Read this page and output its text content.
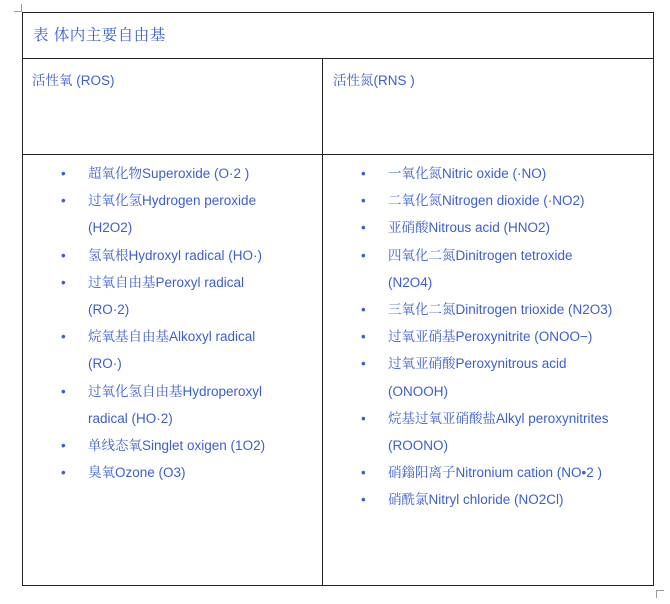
表 体内主要自由基
活性氧 (ROS)	活性氮(RNS )
• 超氧化物Superoxide (O·2 )
• 过氧化氢Hydrogen peroxide
(H2O2)
• 氢氧根Hydroxyl radical (HO·)
• 过氧自由基Peroxyl radical
(RO·2)
• 烷氧基自由基Alkoxyl radical
(RO·)
• 过氧化氢自由基Hydroperoxyl
radical (HO·2)
• 单线态氧Singlet oxigen (1O2)
• 臭氧Ozone (O3)
• 一氧化氮Nitric oxide (·NO)
• 二氧化氮Nitrogen dioxide (·NO2)
• 亚硝酸Nitrous acid (HNO2)
• 四氧化二氮Dinitrogen tetroxide
(N2O4)
• 三氧化二氮Dinitrogen trioxide (N2O3)
• 过氧亚硝基Peroxynitrite (ONOO−)
• 过氧亚硝酸Peroxynitrous acid
(ONOOH)
• 烷基过氧亚硝酸盐Alkyl peroxynitrites
(ROONO)
• 硝鎓阳离子Nitronium cation (NO•2 )
• 硝酰氯Nitryl chloride (NO2Cl)
